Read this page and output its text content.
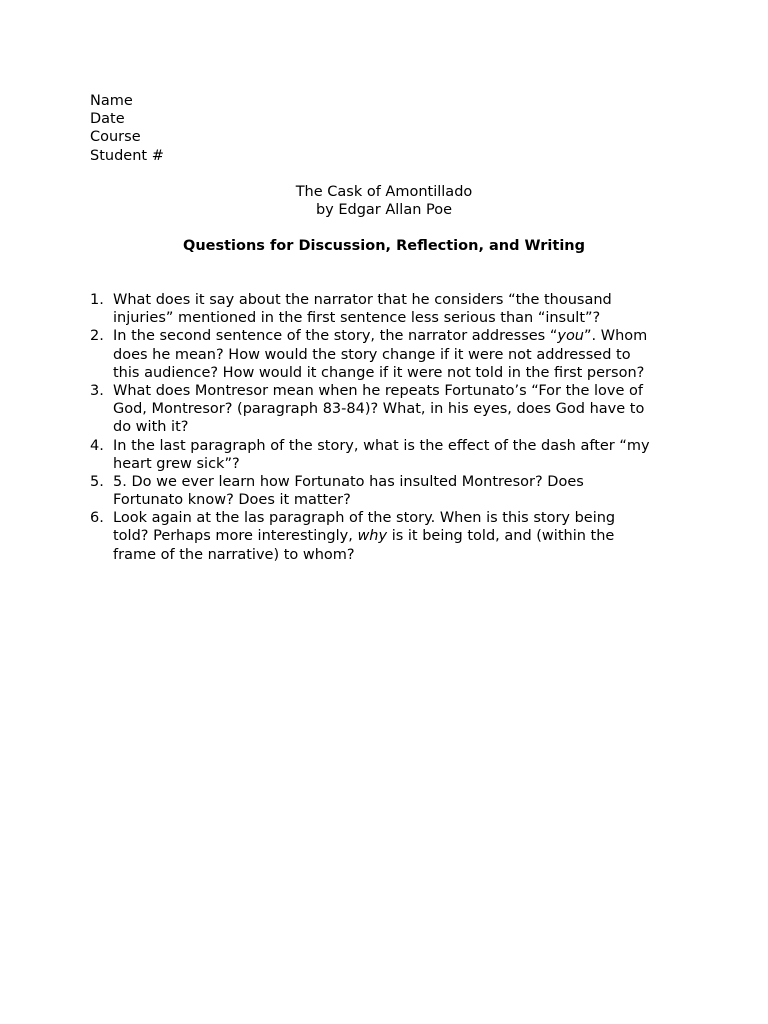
Name
Date
Course
Student #
The Cask of Amontillado
by Edgar Allan Poe
Questions for Discussion, Reflection, and Writing
1. What does it say about the narrator that he considers “the thousand
injuries” mentioned in the first sentence less serious than “insult”?
2. In the second sentence of the story, the narrator addresses “you”. Whom
does he mean? How would the story change if it were not addressed to
this audience? How would it change if it were not told in the first person?
3. What does Montresor mean when he repeats Fortunato’s “For the love of
God, Montresor? (paragraph 83-84)? What, in his eyes, does God have to
do with it?
4. In the last paragraph of the story, what is the effect of the dash after “my
heart grew sick”?
5. 5. Do we ever learn how Fortunato has insulted Montresor? Does
Fortunato know? Does it matter?
6. Look again at the las paragraph of the story. When is this story being
told? Perhaps more interestingly, why is it being told, and (within the
frame of the narrative) to whom?
